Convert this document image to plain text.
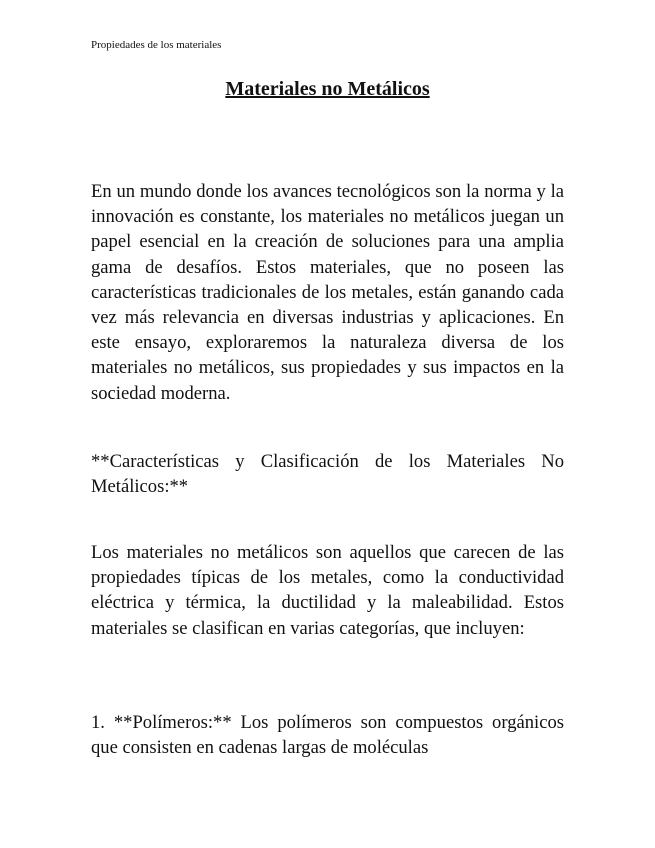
Propiedades de los materiales
Materiales no Metálicos

En un mundo donde los avances tecnológicos son la norma y la innovación es constante, los materiales no metálicos juegan un papel esencial en la creación de soluciones para una amplia gama de desafíos. Estos materiales, que no poseen las características tradicionales de los metales, están ganando cada vez más relevancia en diversas industrias y aplicaciones. En este ensayo, exploraremos la naturaleza diversa de los materiales no metálicos, sus propiedades y sus impactos en la sociedad moderna.

**Características y Clasificación de los Materiales No Metálicos:**

Los materiales no metálicos son aquellos que carecen de las propiedades típicas de los metales, como la conductividad eléctrica y térmica, la ductilidad y la maleabilidad. Estos materiales se clasifican en varias categorías, que incluyen:

1. **Polímeros:** Los polímeros son compuestos orgánicos que consisten en cadenas largas de moléculas
